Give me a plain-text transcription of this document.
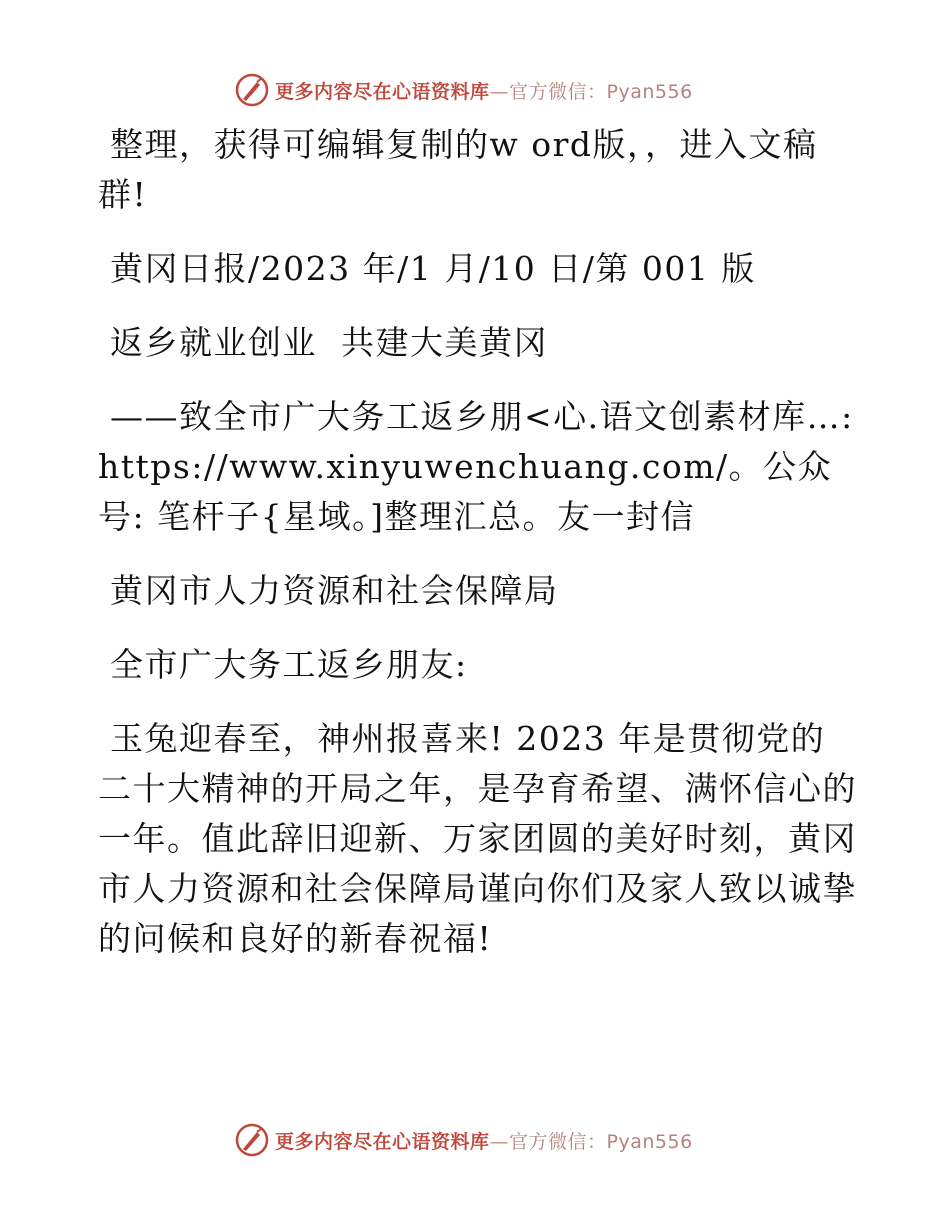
更多内容尽在心语资料库—官方微信：Pyan556

整理，获得可编辑复制的w ord版，，进入文稿群!

黄冈日报/2023 年/1 月/10 日/第 001 版

返乡就业创业  共建大美黄冈

——致全市广大务工返乡朋<心.语文创素材库…: https://www.xinyuwenchuang.com/。公众号: 笔杆子{星域。]整理汇总。友一封信

黄冈市人力资源和社会保障局

全市广大务工返乡朋友:

玉兔迎春至，神州报喜来! 2023 年是贯彻党的二十大精神的开局之年，是孕育希望、满怀信心的一年。值此辞旧迎新、万家团圆的美好时刻，黄冈市人力资源和社会保障局谨向你们及家人致以诚挚的问候和良好的新春祝福!

更多内容尽在心语资料库—官方微信：Pyan556
